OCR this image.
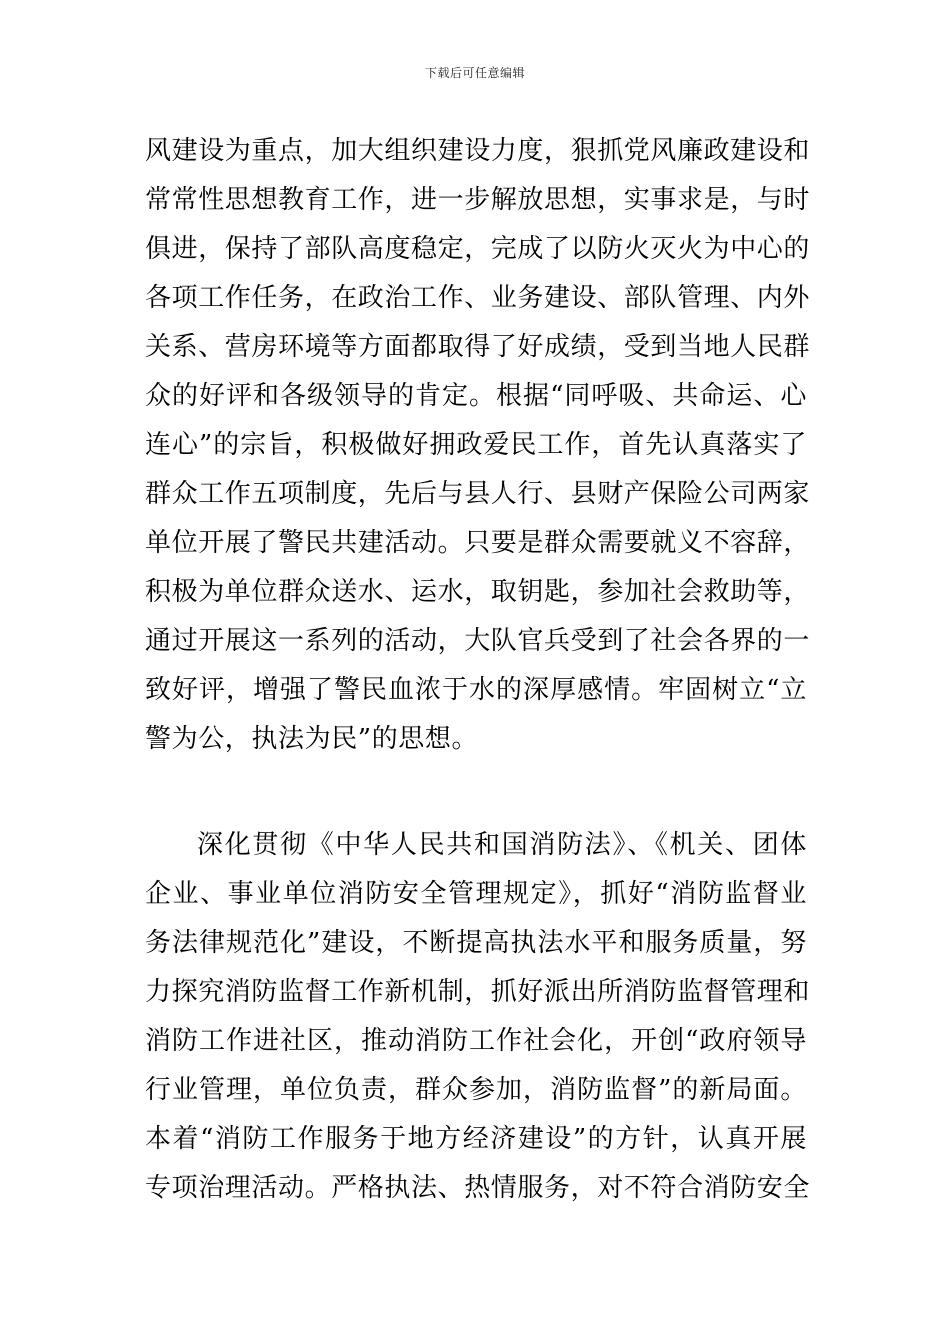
下载后可任意编辑
风建设为重点，加大组织建设力度，狠抓党风廉政建设和
常常性思想教育工作，进一步解放思想，实事求是，与时
俱进，保持了部队高度稳定，完成了以防火灭火为中心的
各项工作任务，在政治工作、业务建设、部队管理、内外
关系、营房环境等方面都取得了好成绩，受到当地人民群
众的好评和各级领导的肯定。根据“同呼吸、共命运、心
连心”的宗旨，积极做好拥政爱民工作，首先认真落实了
群众工作五项制度，先后与县人行、县财产保险公司两家
单位开展了警民共建活动。只要是群众需要就义不容辞，
积极为单位群众送水、运水，取钥匙，参加社会救助等，
通过开展这一系列的活动，大队官兵受到了社会各界的一
致好评，增强了警民血浓于水的深厚感情。牢固树立“立
警为公，执法为民”的思想。
深化贯彻《中华人民共和国消防法》、《机关、团体
企业、事业单位消防安全管理规定》，抓好“消防监督业
务法律规范化”建设，不断提高执法水平和服务质量，努
力探究消防监督工作新机制，抓好派出所消防监督管理和
消防工作进社区，推动消防工作社会化，开创“政府领导
行业管理，单位负责，群众参加，消防监督”的新局面。
本着“消防工作服务于地方经济建设”的方针，认真开展
专项治理活动。严格执法、热情服务，对不符合消防安全
